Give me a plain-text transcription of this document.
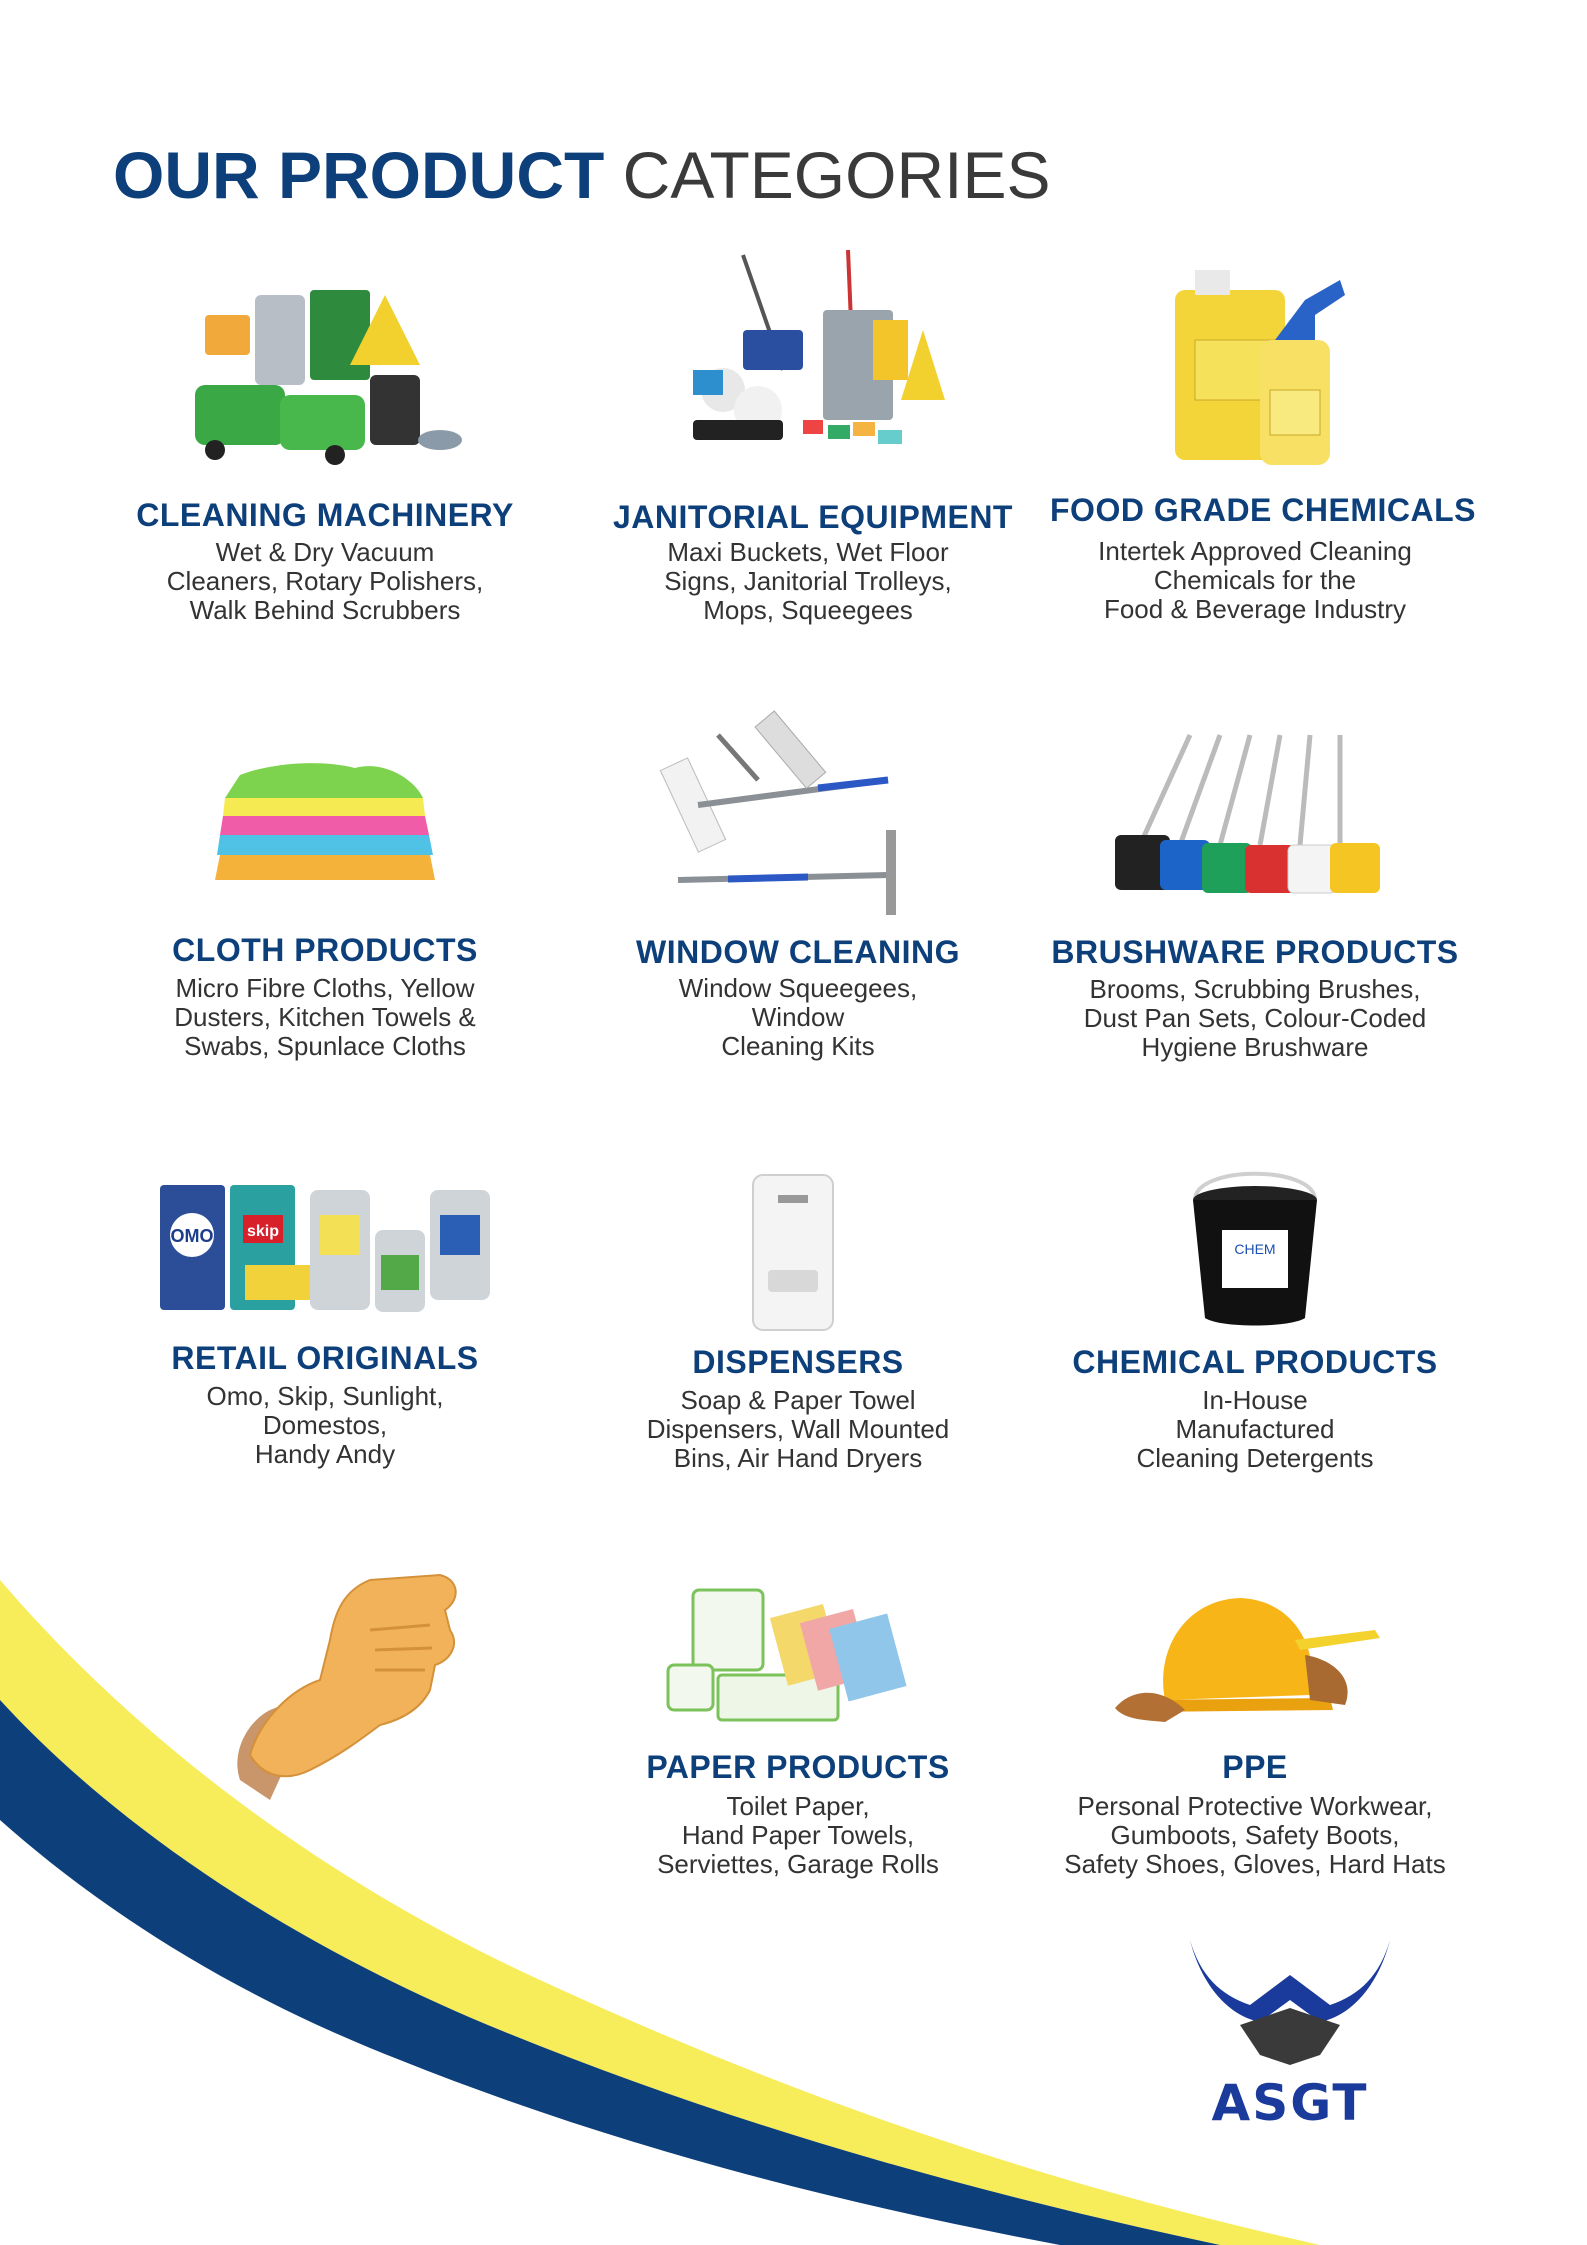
OUR PRODUCT CATEGORIES
CLEANING MACHINERY

Wet & Dry Vacuum
Cleaners, Rotary Polishers,
Walk Behind Scrubbers

JANITORIAL EQUIPMENT

Maxi Buckets, Wet Floor
Signs, Janitorial Trolleys,
Mops, Squeegees

FOOD GRADE CHEMICALS

Intertek Approved Cleaning
Chemicals for the
Food & Beverage Industry

CLOTH PRODUCTS

Micro Fibre Cloths, Yellow
Dusters, Kitchen Towels &
Swabs, Spunlace Cloths

WINDOW CLEANING

Window Squeegees,
Window
Cleaning Kits

BRUSHWARE PRODUCTS

Brooms, Scrubbing Brushes,
Dust Pan Sets, Colour-Coded
Hygiene Brushware

OMO skip
RETAIL ORIGINALS

Omo, Skip, Sunlight,
Domestos,
Handy Andy

DISPENSERS

Soap & Paper Towel
Dispensers, Wall Mounted
Bins, Air Hand Dryers

CHEM
CHEMICAL PRODUCTS

In-House
Manufactured
Cleaning Detergents

PAPER PRODUCTS

Toilet Paper,
Hand Paper Towels,
Serviettes, Garage Rolls

PPE

Personal Protective Workwear,
Gumboots, Safety Boots,
Safety Shoes, Gloves, Hard Hats

ASGT
